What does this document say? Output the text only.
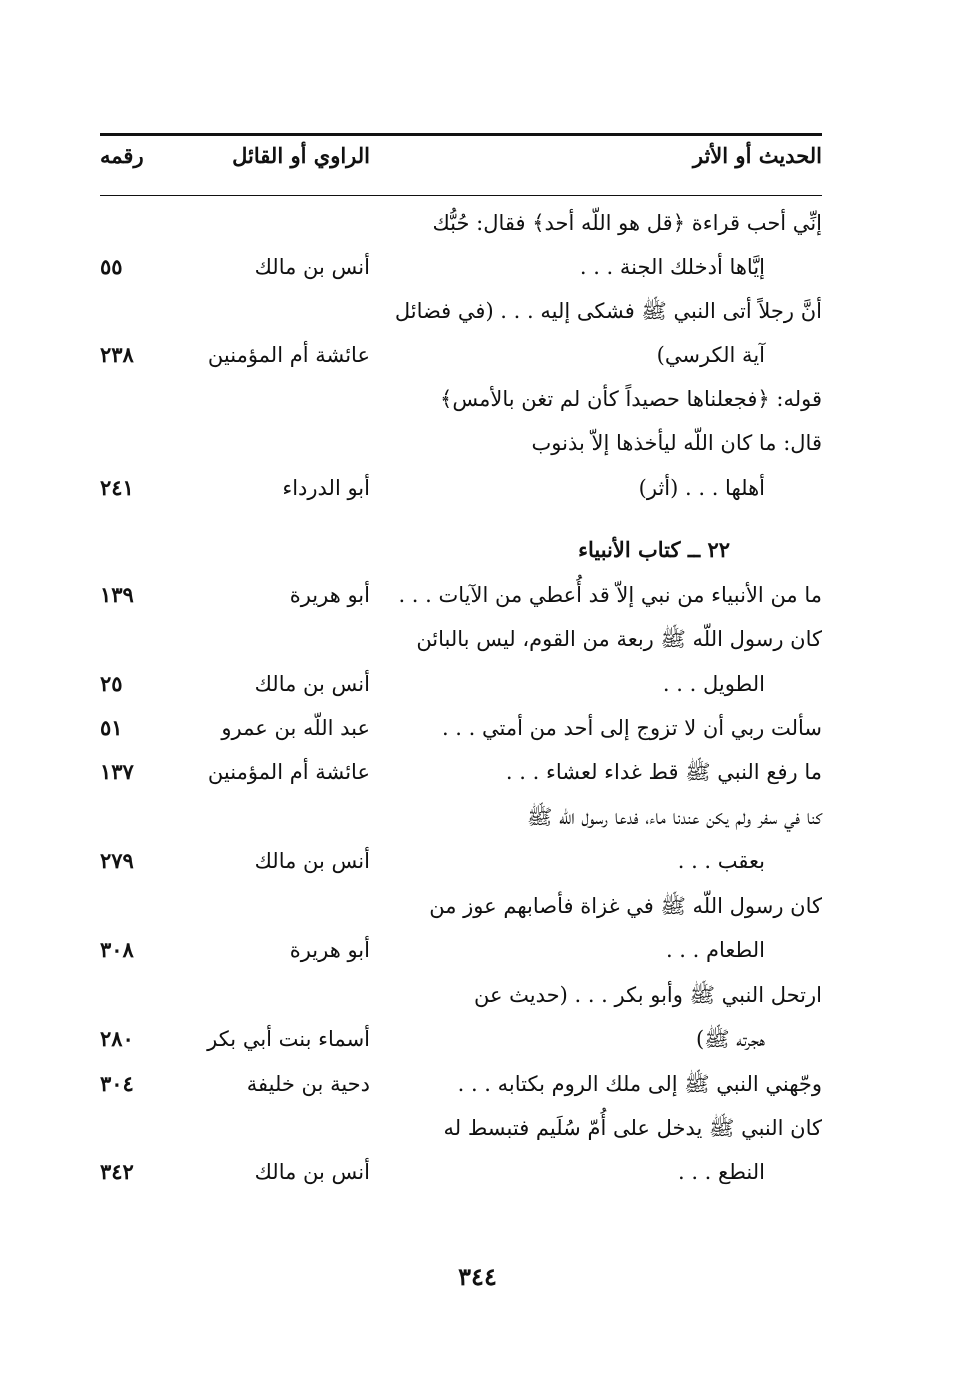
الحديث أو الأثر
الراوي أو القائل
رقمه
إنِّي أحب قراءة ﴿قل هو اللّه أحد﴾ فقال: حُبُّك
إيَّاها أدخلك الجنة . . .
أنس بن مالك
٥٥
أنَّ رجلاً أتى النبي ﷺ فشكى إليه . . . (في فضائل
آية الكرسي)
عائشة أم المؤمنين
٢٣٨
قوله: ﴿فجعلناها حصيداً كأن لم تغن بالأمس﴾
قال: ما كان اللّه ليأخذها إلاّ بذنوب
أهلها . . . (أثر)
أبو الدرداء
٢٤١
٢٢ ــ كتاب الأنبياء
ما من الأنبياء من نبي إلاّ قد أُعطي من الآيات . . .
أبو هريرة
١٣٩
كان رسول اللّه ﷺ ربعة من القوم، ليس بالبائن
الطويل . . .
أنس بن مالك
٢٥
سألت ربي أن لا تزوج إلى أحد من أمتي . . .
عبد اللّه بن عمرو
٥١
ما رفع النبي ﷺ قط غداء لعشاء . . .
عائشة أم المؤمنين
١٣٧
كنا في سفر ولم يكن عندنا ماء، فدعا رسول اللّه ﷺ
بعقب . . .
أنس بن مالك
٢٧٩
كان رسول اللّه ﷺ في غزاة فأصابهم عوز من
الطعام . . .
أبو هريرة
٣٠٨
ارتحل النبي ﷺ وأبو بكر . . . (حديث عن
هجرته ﷺ)
أسماء بنت أبي بكر
٢٨٠
وجّهني النبي ﷺ إلى ملك الروم بكتابه . . .
دحية بن خليفة
٣٠٤
كان النبي ﷺ يدخل على أُمّ سُلَيم فتبسط له
النطع . . .
أنس بن مالك
٣٤٢
٣٤٤
